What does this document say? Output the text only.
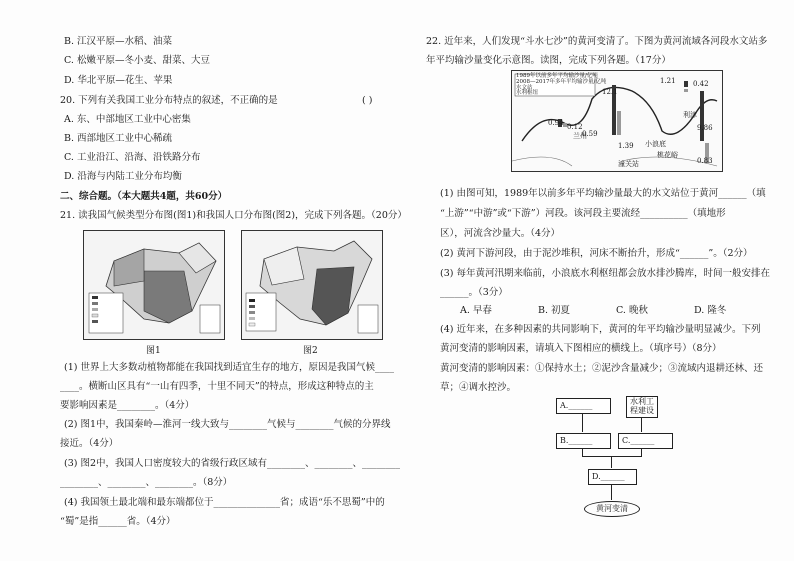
B. 江汉平原—水稻、油菜
C. 松嫩平原—冬小麦、甜菜、大豆
D. 华北平原—花生、苹果
20. 下列有关我国工业分布特点的叙述，不正确的是	( )
A. 东、中部地区工业中心密集
B. 西部地区工业中心稀疏
C. 工业沿江、沿海、沿铁路分布
D. 沿海与内陆工业分布均衡
二、综合题。（本大题共4题，共60分）
21. 读我国气候类型分布图(图1)和我国人口分布图(图2)，完成下列各题。（20分）
图1	图2
(1) 世界上大多数动植物都能在我国找到适宜生存的地方，原因是我国气候____
____。横断山区具有“一山有四季，十里不同天”的特点，形成这种特点的主
要影响因素是________。（4分）
(2) 图1中，我国秦岭—淮河一线大致与________气候与________气候的分界线
接近。（4分）
(3) 图2中，我国人口密度较大的省级行政区域有________、________、________
________、________、________。（8分）
(4) 我国领土最北端和最东端都位于______________省；成语“乐不思蜀”中的
“蜀”是指______省。（4分）
22. 近年来，人们发现“斗水七沙”的黄河变清了。下图为黄河流域各河段水文站多
年平均输沙量变化示意图。读图，完成下列各题。（17分）
1989年以前多年平均输沙量/亿吨
2008—2017年多年平均输沙量/亿吨
水文站
水利枢纽
0.94 0.12
1.21 0.42
12.1
1.39
0.59
9.86
0.83
兰州
潼关站
小浪底
桃花峪
利津
(1) 由图可知，1989年以前多年平均输沙量最大的水文站位于黄河______（填
“上游”“中游”或“下游”）河段。该河段主要流经__________（填地形
区），河流含沙量大。（4分）
(2) 黄河下游河段，由于泥沙堆积，河床不断抬升，形成“______”。（2分）
(3) 每年黄河汛期来临前，小浪底水利枢纽都会放水排沙腾库，时间一般安排在
______。（3分）
A. 早春	B. 初夏	C. 晚秋	D. 隆冬
(4) 近年来，在多种因素的共同影响下，黄河的年平均输沙量明显减少。下列
黄河变清的影响因素，请填入下图相应的横线上。（填序号）（8分）
黄河变清的影响因素：①保持水土；②泥沙含量减少；③流域内退耕还林、还
草；④调水控沙。
A.______	水利工程建设
B.______	C.______
D.______
黄河变清
